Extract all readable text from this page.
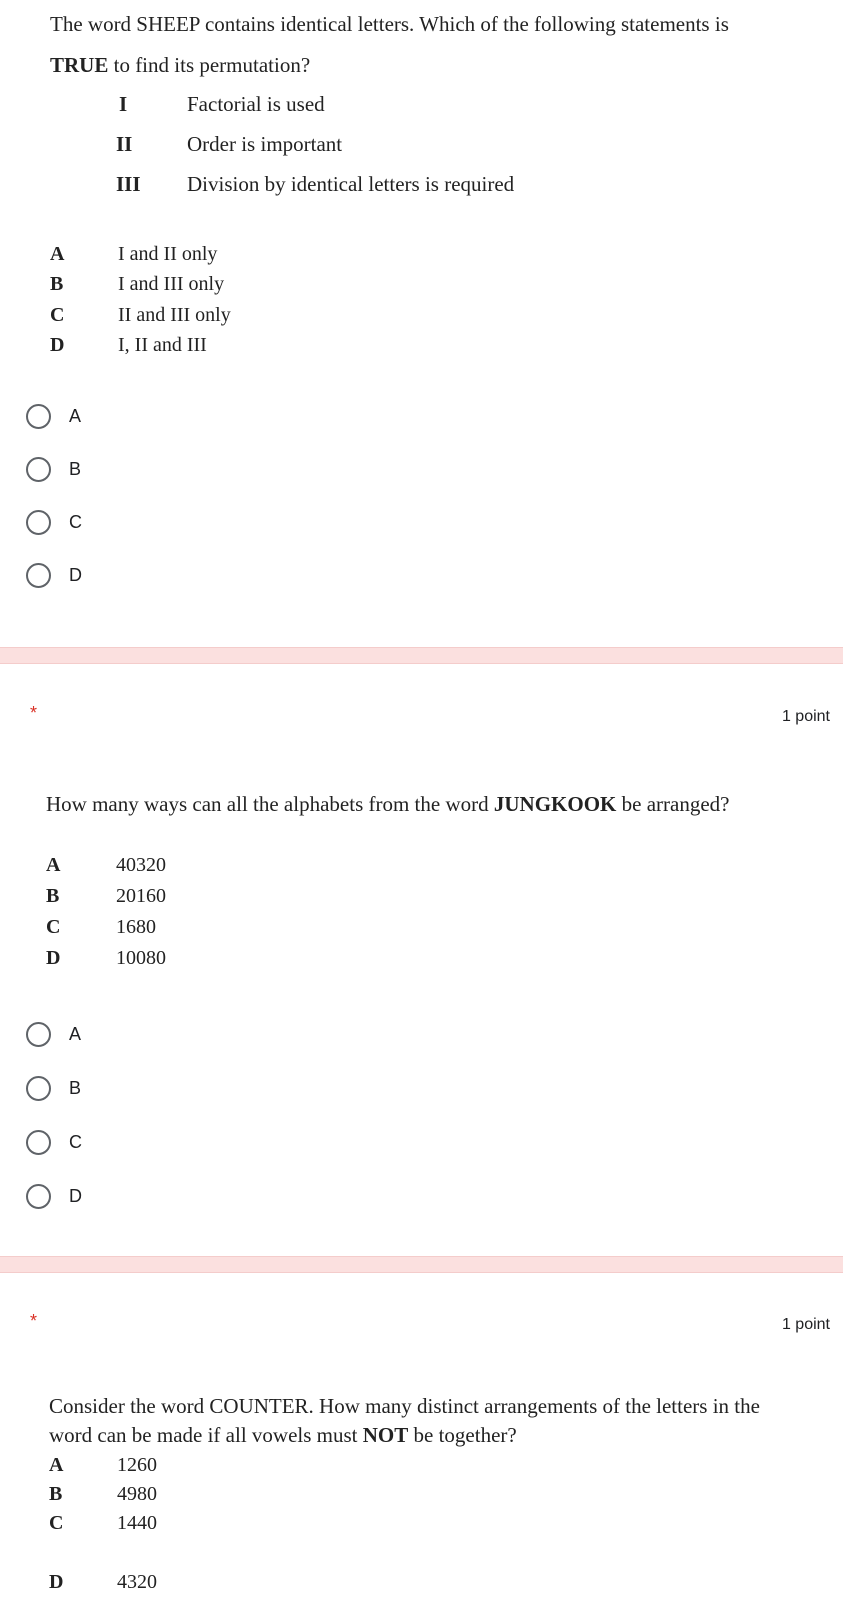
The word SHEEP contains identical letters. Which of the following statements is
TRUE to find its permutation?
I	Factorial is used
II	Order is important
III Division by identical letters is required
A	I and II only
B	I and III only
C	II and III only
D	I, II and III
A
B
C
D
*	1 point
How many ways can all the alphabets from the word JUNGKOOK be arranged?
A	40320
B	20160
C	1680
D	10080
A
B
C
D
*	1 point
Consider the word COUNTER. How many distinct arrangements of the letters in the
word can be made if all vowels must NOT be together?
A	1260
B	4980
C	1440
D	4320
